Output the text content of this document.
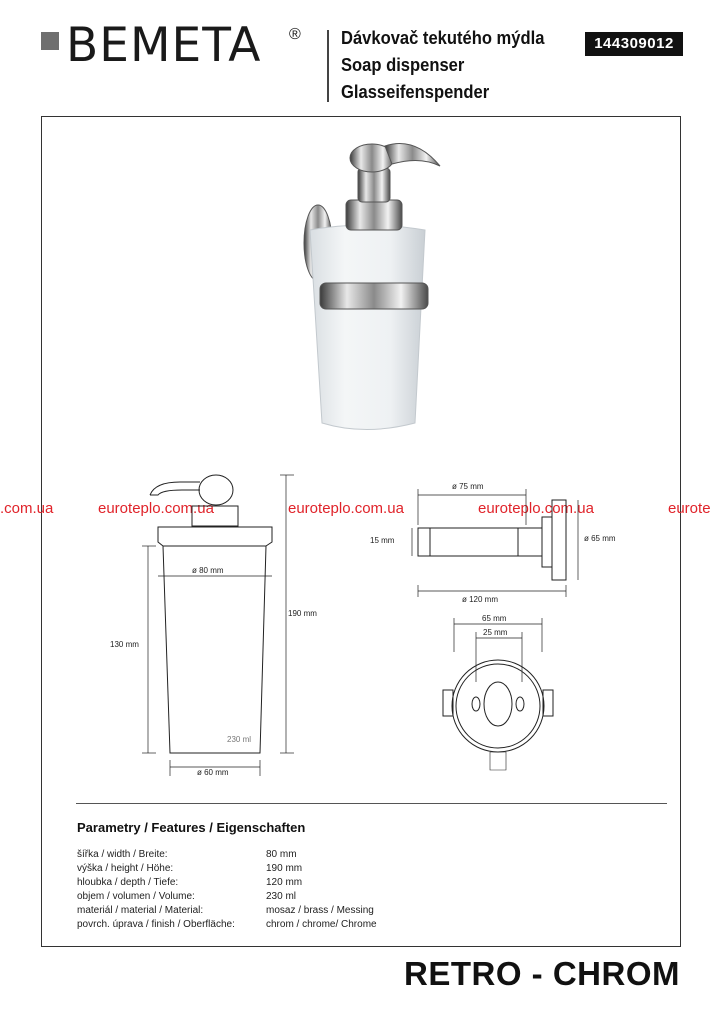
BEMETA ® Dávkovač tekutého mýdla
Soap dispenser
Glasseifenspender
144309012
.com.ua	euroteplo.com.ua	euroteplo.com.ua	euroteplo.com.ua	eurote
ø 80 mm
190 mm
130 mm
230 ml
ø 60 mm
ø 75 mm
15 mm	ø 65 mm
ø 120 mm
65 mm
25 mm
Parametry / Features / Eigenschaften
šířka / width / Breite:	80 mm
výška / height / Höhe:	190 mm
hloubka / depth / Tiefe:	120 mm
objem / volumen / Volume:	230 ml
materiál / material / Material:	mosaz / brass / Messing
povrch. úprava / finish / Oberfläche:	chrom / chrome/ Chrome
RETRO - CHROM
